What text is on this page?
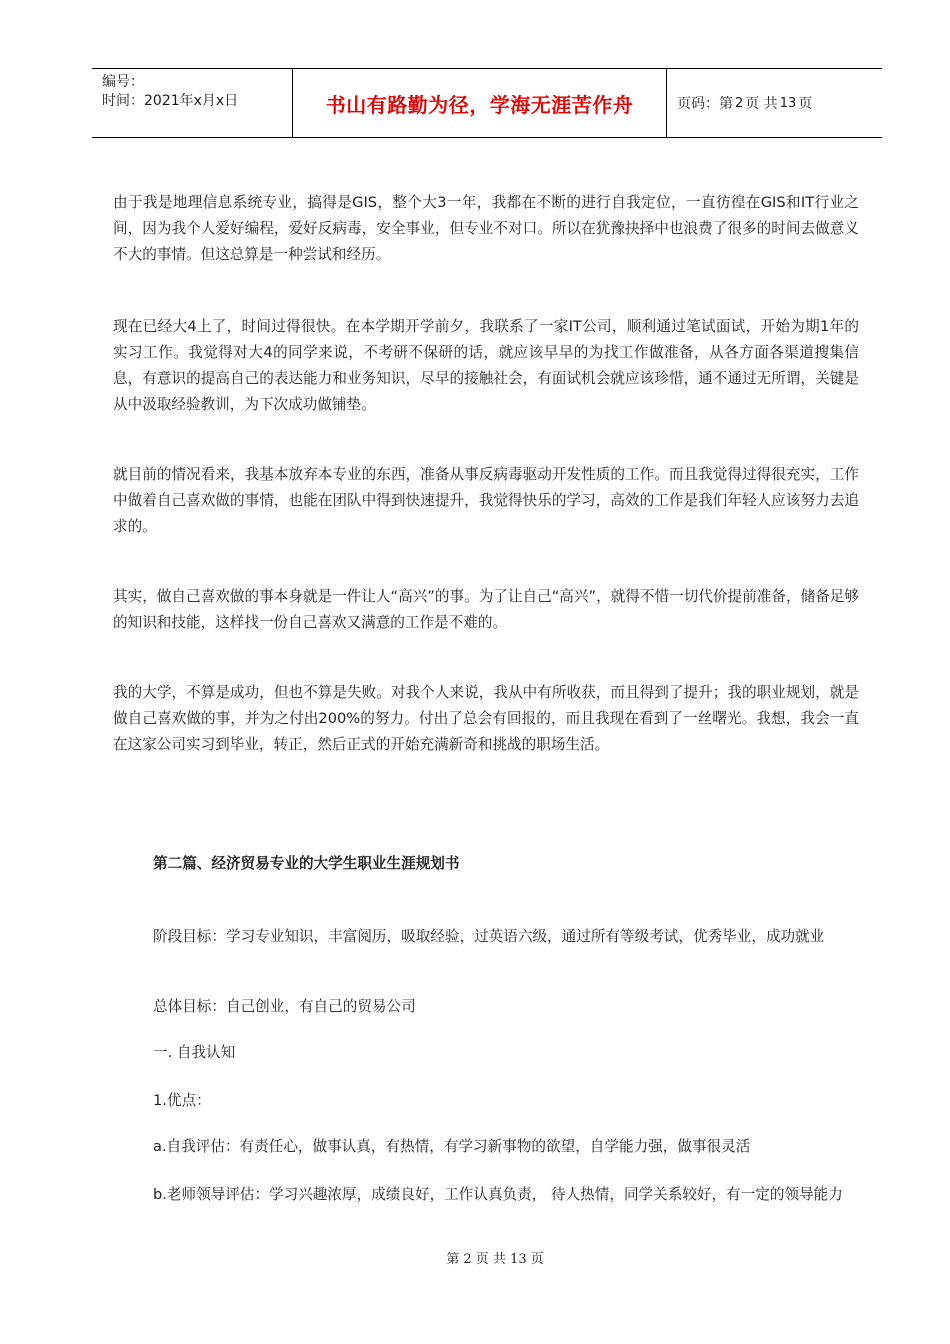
编号：
时间：2021年x月x日	书山有路勤为径，学海无涯苦作舟	页码：第 2 页 共 13 页

由于我是地理信息系统专业，搞得是GIS，整个大3一年，我都在不断的进行自我定位，一直彷徨在GIS和IT行业之间，因为我个人爱好编程，爱好反病毒，安全事业，但专业不对口。所以在犹豫抉择中也浪费了很多的时间去做意义不大的事情。但这总算是一种尝试和经历。

现在已经大4上了，时间过得很快。在本学期开学前夕，我联系了一家IT公司，顺利通过笔试面试，开始为期1年的实习工作。我觉得对大4的同学来说，不考研不保研的话，就应该早早的为找工作做准备，从各方面各渠道搜集信息，有意识的提高自己的表达能力和业务知识，尽早的接触社会，有面试机会就应该珍惜，通不通过无所谓，关键是从中汲取经验教训，为下次成功做铺垫。

就目前的情况看来，我基本放弃本专业的东西，准备从事反病毒驱动开发性质的工作。而且我觉得过得很充实，工作中做着自己喜欢做的事情，也能在团队中得到快速提升，我觉得快乐的学习，高效的工作是我们年轻人应该努力去追求的。

其实，做自己喜欢做的事本身就是一件让人“高兴”的事。为了让自己“高兴”，就得不惜一切代价提前准备，储备足够的知识和技能，这样找一份自己喜欢又满意的工作是不难的。

我的大学，不算是成功，但也不算是失败。对我个人来说，我从中有所收获，而且得到了提升；我的职业规划，就是做自己喜欢做的事，并为之付出200%的努力。付出了总会有回报的，而且我现在看到了一丝曙光。我想，我会一直在这家公司实习到毕业，转正，然后正式的开始充满新奇和挑战的职场生活。

第二篇、经济贸易专业的大学生职业生涯规划书
阶段目标：学习专业知识，丰富阅历，吸取经验，过英语六级，通过所有等级考试，优秀毕业，成功就业
总体目标：自己创业，有自己的贸易公司
一. 自我认知
1.优点：
a.自我评估：有责任心，做事认真，有热情，有学习新事物的欲望，自学能力强，做事很灵活
b.老师领导评估：学习兴趣浓厚，成绩良好，工作认真负责， 待人热情，同学关系较好，有一定的领导能力
第 2 页 共 13 页
